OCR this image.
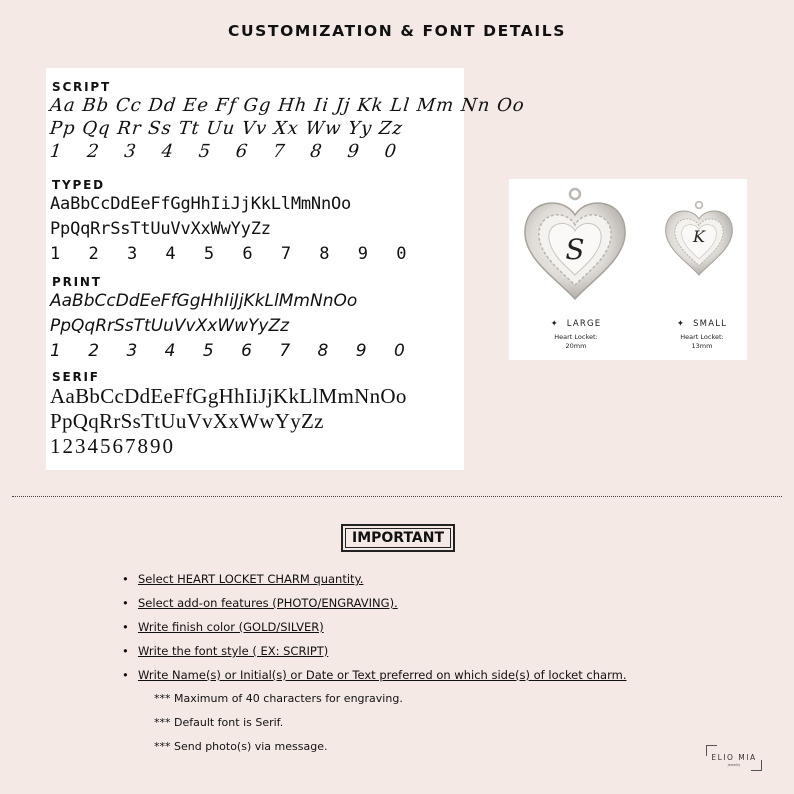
CUSTOMIZATION & FONT DETAILS
SCRIPT
Aa Bb Cc Dd Ee Ff Gg Hh Ii Jj Kk Ll Mm Nn Oo
Pp Qq Rr Ss Tt Uu Vv Xx Ww Yy Zz
1 2 3 4 5 6 7 8 9 0
TYPED
AaBbCcDdEeFfGgHhIiJjKkLlMmNnOo
PpQqRrSsTtUuVvXxWwYyZz
1 2 3 4 5 6 7 8 9 0
PRINT
AaBbCcDdEeFfGgHhIiJjKkLlMmNnOo
PpQqRrSsTtUuVvXxWwYyZz
1 2 3 4 5 6 7 8 9 0
SERIF
AaBbCcDdEeFfGgHhIiJjKkLlMmNnOo
PpQqRrSsTtUuVvXxWwYyZz
1234567890
S	K
✦ LARGE
Heart Locket:
20mm
✦ SMALL
Heart Locket:
13mm
IMPORTANT
• Select HEART LOCKET CHARM quantity.
• Select add-on features (PHOTO/ENGRAVING).
• Write finish color (GOLD/SILVER)
• Write the font style ( EX: SCRIPT)
• Write Name(s) or Initial(s) or Date or Text preferred on which side(s) of locket charm.
*** Maximum of 40 characters for engraving.
*** Default font is Serif.
*** Send photo(s) via message.
ELIO MIA
Jewelry
